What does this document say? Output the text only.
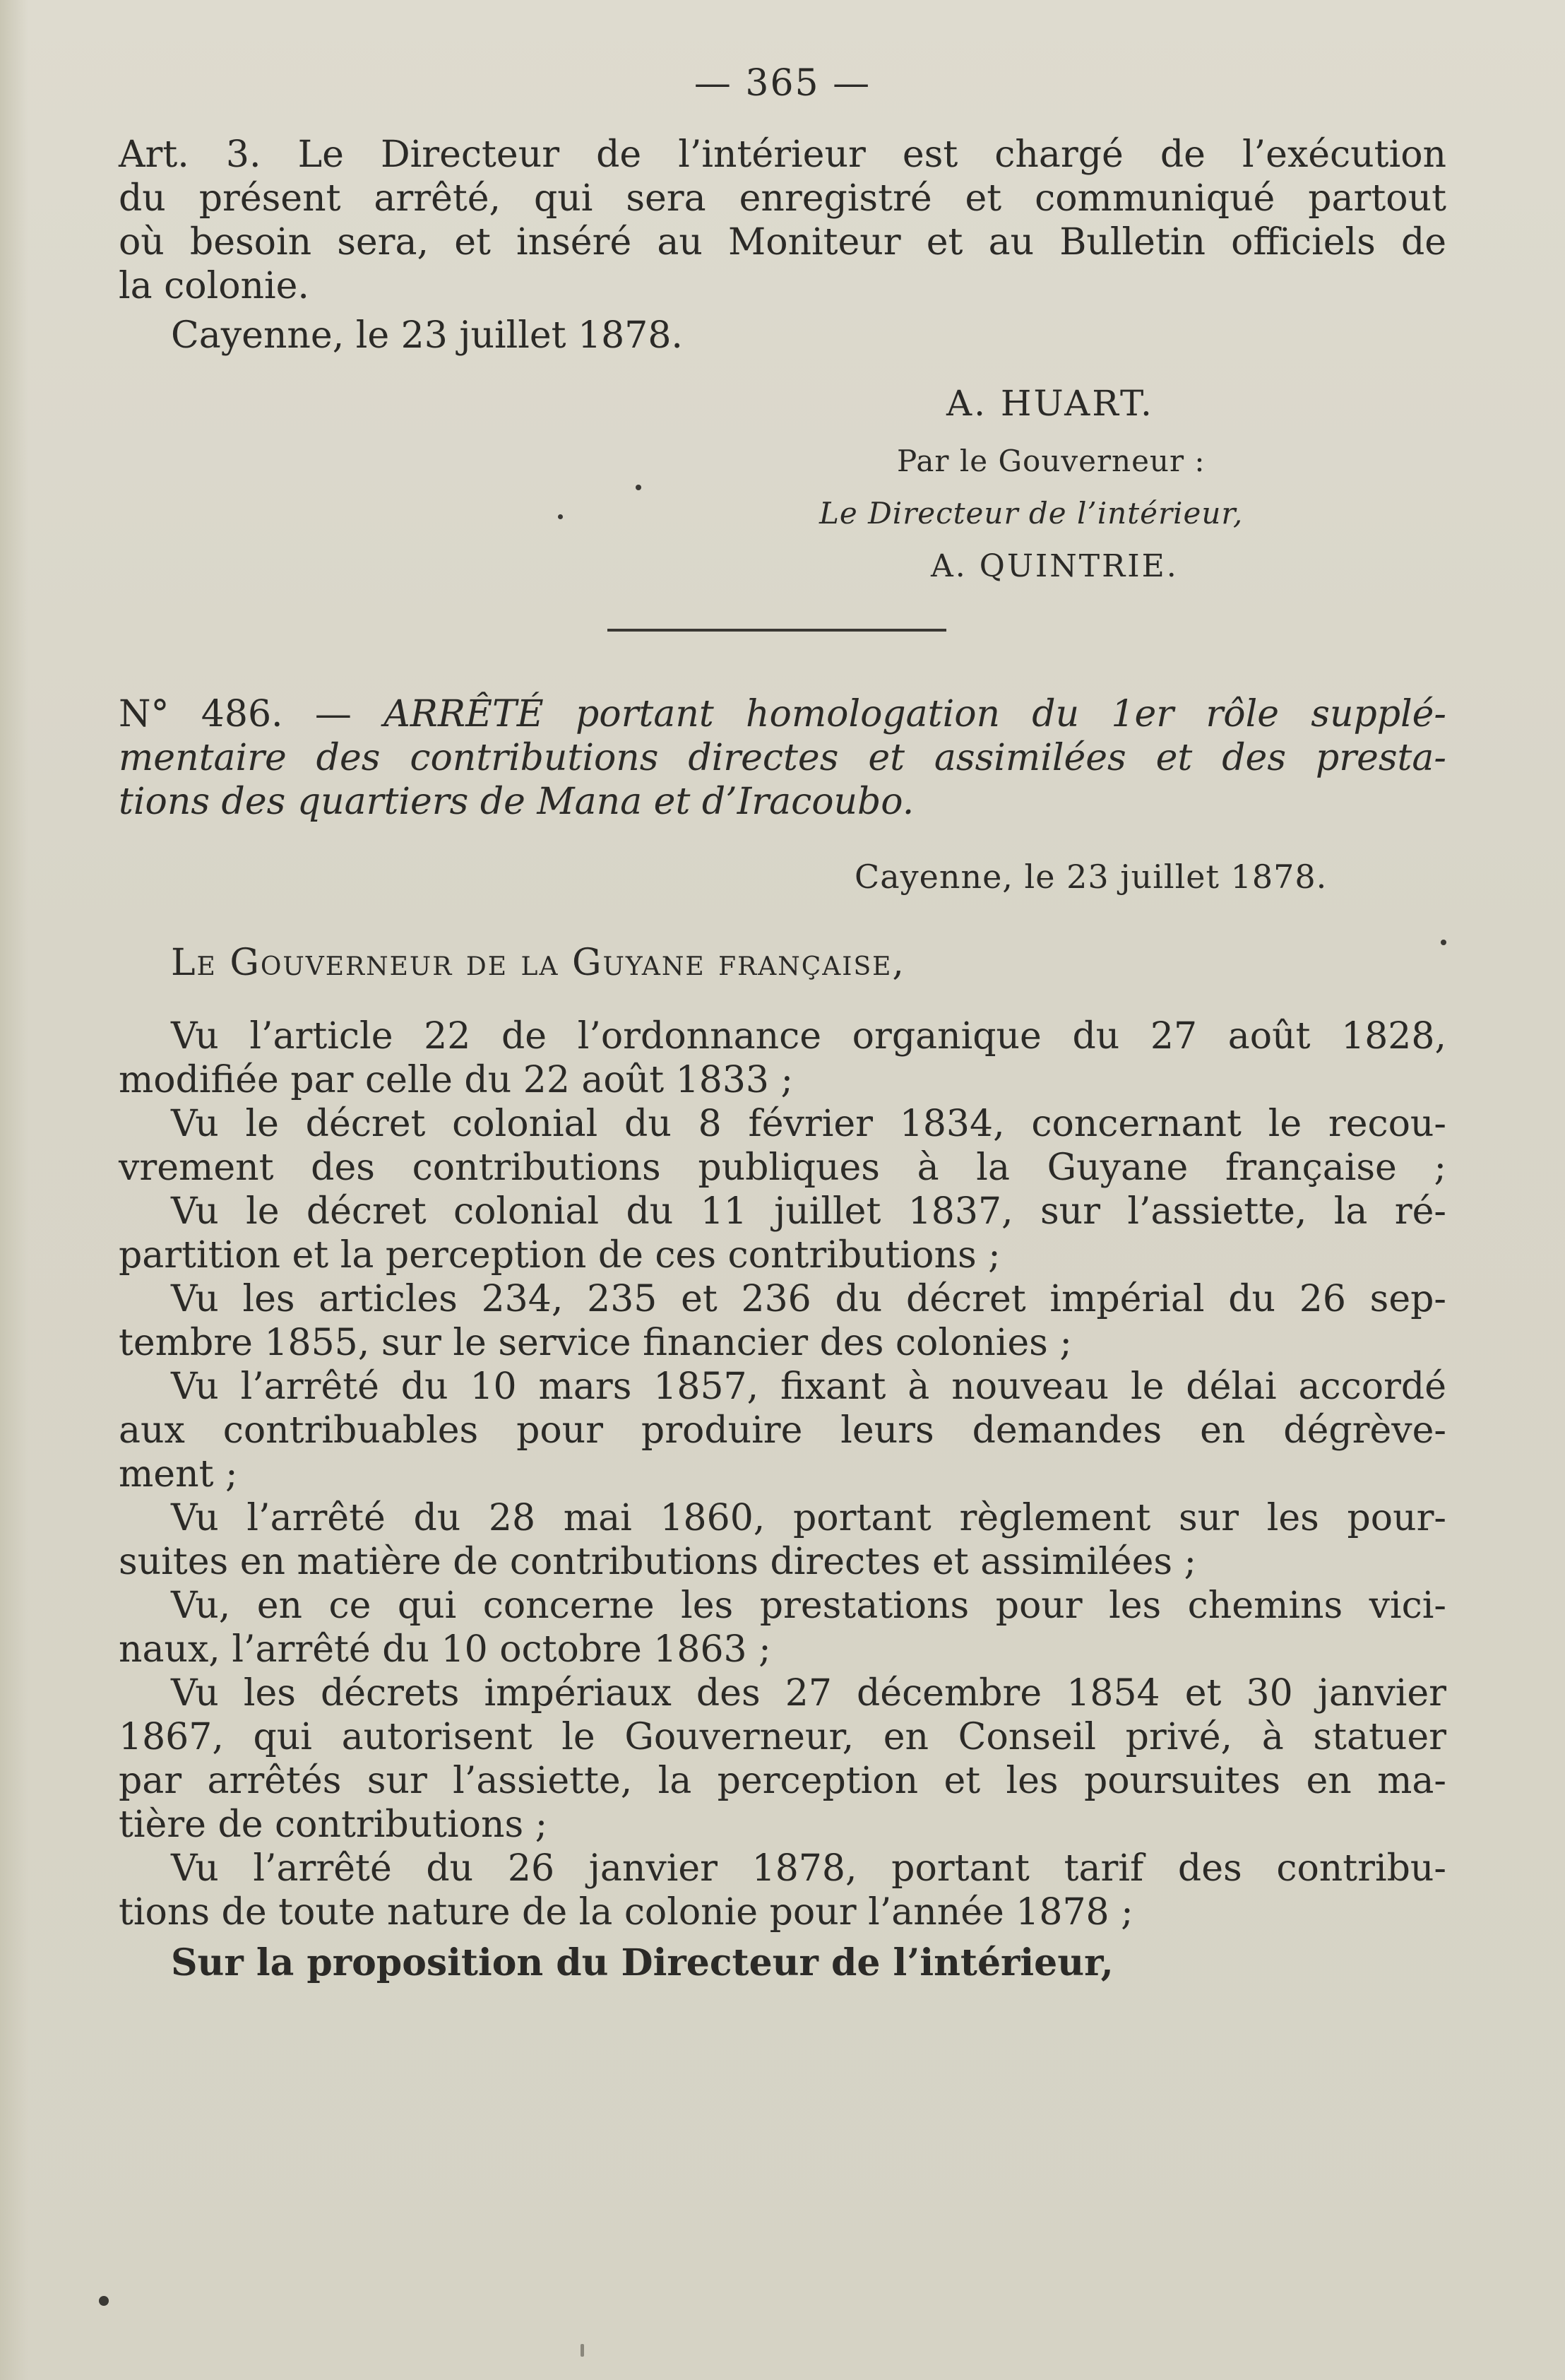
— 365 —
Art. 3. Le Directeur de l’intérieur est chargé de l’exécution
du présent arrêté, qui sera enregistré et communiqué partout
où besoin sera, et inséré au Moniteur et au Bulletin officiels de
la colonie.
Cayenne, le 23 juillet 1878.
A. HUART.
Par le Gouverneur :
Le Directeur de l’intérieur,
A. QUINTRIE.
N° 486. — ARRÊTÉ portant homologation du 1er rôle supplé-
mentaire des contributions directes et assimilées et des presta-
tions des quartiers de Mana et d’Iracoubo.
Cayenne, le 23 juillet 1878.
Le Gouverneur de la Guyane française,
Vu l’article 22 de l’ordonnance organique du 27 août 1828,
modifiée par celle du 22 août 1833 ;
Vu le décret colonial du 8 février 1834, concernant le recou-
vrement des contributions publiques à la Guyane française ;
Vu le décret colonial du 11 juillet 1837, sur l’assiette, la ré-
partition et la perception de ces contributions ;
Vu les articles 234, 235 et 236 du décret impérial du 26 sep-
tembre 1855, sur le service financier des colonies ;
Vu l’arrêté du 10 mars 1857, fixant à nouveau le délai accordé
aux contribuables pour produire leurs demandes en dégrève-
ment ;
Vu l’arrêté du 28 mai 1860, portant règlement sur les pour-
suites en matière de contributions directes et assimilées ;
Vu, en ce qui concerne les prestations pour les chemins vici-
naux, l’arrêté du 10 octobre 1863 ;
Vu les décrets impériaux des 27 décembre 1854 et 30 janvier
1867, qui autorisent le Gouverneur, en Conseil privé, à statuer
par arrêtés sur l’assiette, la perception et les poursuites en ma-
tière de contributions ;
Vu l’arrêté du 26 janvier 1878, portant tarif des contribu-
tions de toute nature de la colonie pour l’année 1878 ;
Sur la proposition du Directeur de l’intérieur,
